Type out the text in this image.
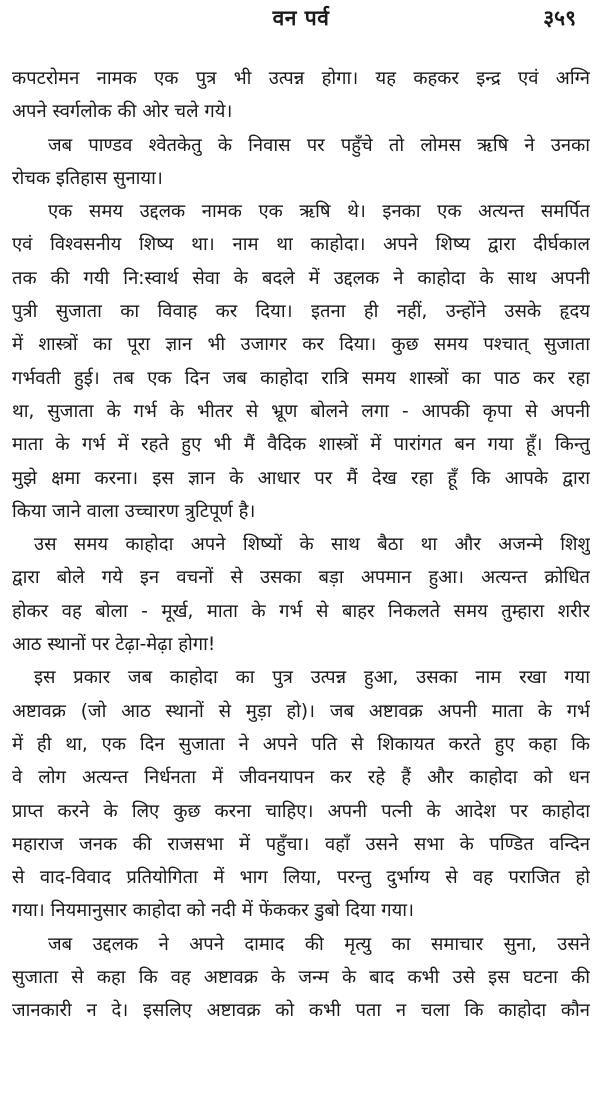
वन पर्व	३५९
कपटरोमन नामक एक पुत्र भी उत्पन्न होगा। यह कहकर इन्द्र एवं अग्नि
अपने स्वर्गलोक की ओर चले गये।
जब पाण्डव श्वेतकेतु के निवास पर पहुँचे तो लोमस ऋषि ने उनका
रोचक इतिहास सुनाया।
एक समय उद्दलक नामक एक ऋषि थे। इनका एक अत्यन्त समर्पित
एवं विश्वसनीय शिष्य था। नाम था काहोदा। अपने शिष्य द्वारा दीर्घकाल
तक की गयी नि:स्वार्थ सेवा के बदले में उद्दलक ने काहोदा के साथ अपनी
पुत्री सुजाता का विवाह कर दिया। इतना ही नहीं, उन्होंने उसके हृदय
में शास्त्रों का पूरा ज्ञान भी उजागर कर दिया। कुछ समय पश्चात् सुजाता
गर्भवती हुई। तब एक दिन जब काहोदा रात्रि समय शास्त्रों का पाठ कर रहा
था, सुजाता के गर्भ के भीतर से भ्रूण बोलने लगा - आपकी कृपा से अपनी
माता के गर्भ में रहते हुए भी मैं वैदिक शास्त्रों में पारांगत बन गया हूँ। किन्तु
मुझे क्षमा करना। इस ज्ञान के आधार पर मैं देख रहा हूँ कि आपके द्वारा
किया जाने वाला उच्चारण त्रुटिपूर्ण है।
उस समय काहोदा अपने शिष्यों के साथ बैठा था और अजन्मे शिशु
द्वारा बोले गये इन वचनों से उसका बड़ा अपमान हुआ। अत्यन्त क्रोधित
होकर वह बोला - मूर्ख, माता के गर्भ से बाहर निकलते समय तुम्हारा शरीर
आठ स्थानों पर टेढ़ा-मेढ़ा होगा!
इस प्रकार जब काहोदा का पुत्र उत्पन्न हुआ, उसका नाम रखा गया
अष्टावक्र (जो आठ स्थानों से मुड़ा हो)। जब अष्टावक्र अपनी माता के गर्भ
में ही था, एक दिन सुजाता ने अपने पति से शिकायत करते हुए कहा कि
वे लोग अत्यन्त निर्धनता में जीवनयापन कर रहे हैं और काहोदा को धन
प्राप्त करने के लिए कुछ करना चाहिए। अपनी पत्नी के आदेश पर काहोदा
महाराज जनक की राजसभा में पहुँचा। वहाँ उसने सभा के पण्डित वन्दिन
से वाद-विवाद प्रतियोगिता में भाग लिया, परन्तु दुर्भाग्य से वह पराजित हो
गया। नियमानुसार काहोदा को नदी में फेंककर डुबो दिया गया।
जब उद्दलक ने अपने दामाद की मृत्यु का समाचार सुना, उसने
सुजाता से कहा कि वह अष्टावक्र के जन्म के बाद कभी उसे इस घटना की
जानकारी न दे। इसलिए अष्टावक्र को कभी पता न चला कि काहोदा कौन
